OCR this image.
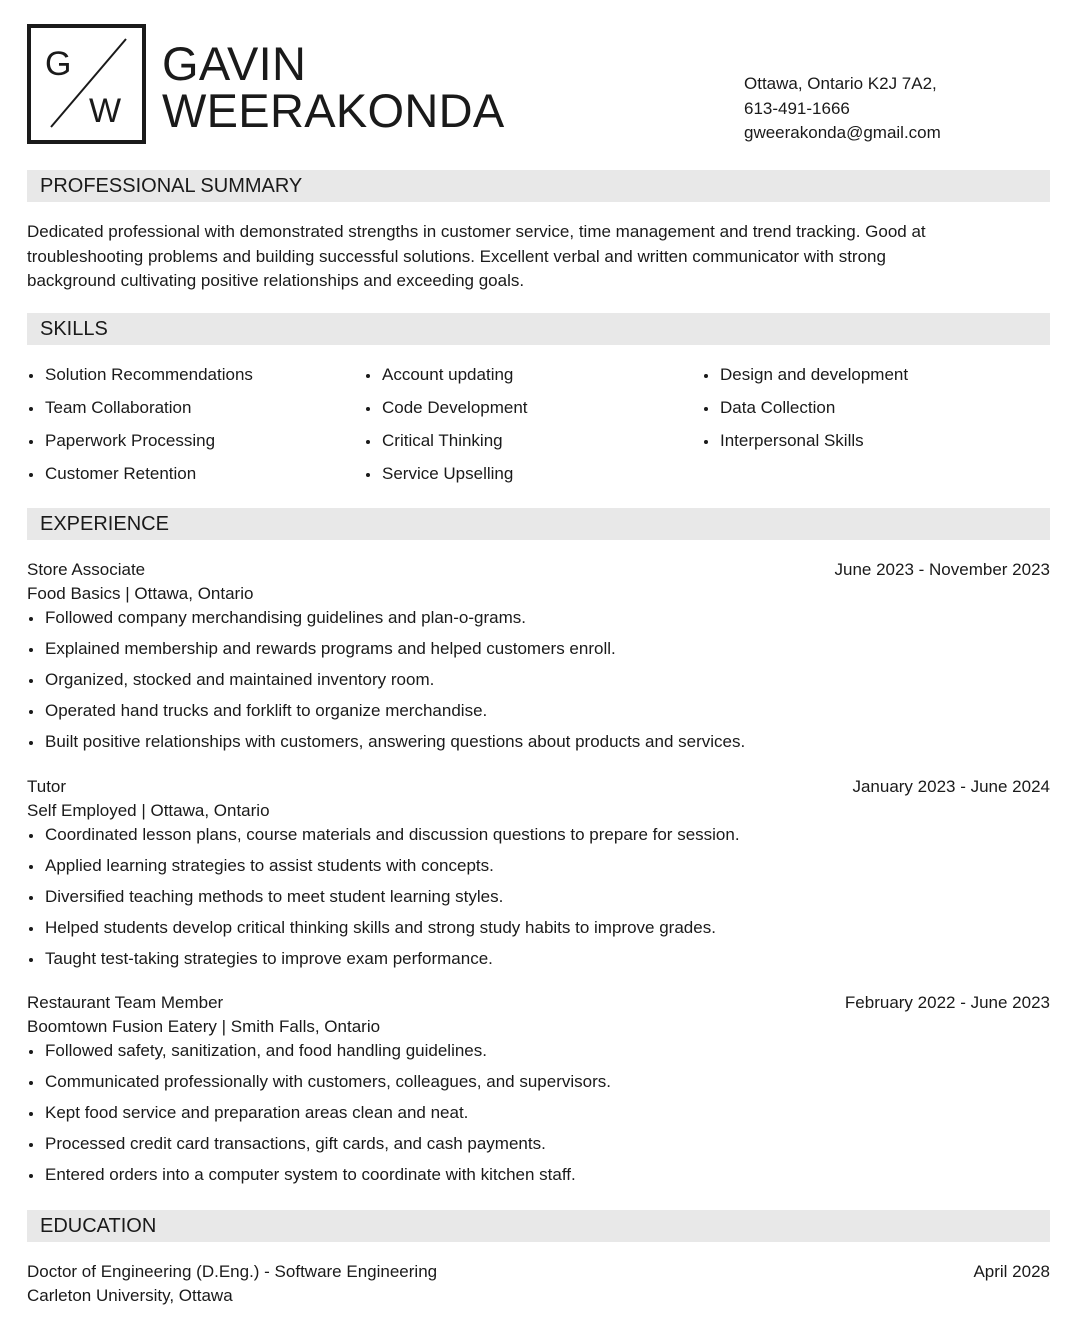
G
W
GAVIN
WEERAKONDA
Ottawa, Ontario K2J 7A2,
613-491-1666
gweerakonda@gmail.com
PROFESSIONAL SUMMARY
Dedicated professional with demonstrated strengths in customer service, time management and trend tracking. Good at
troubleshooting problems and building successful solutions. Excellent verbal and written communicator with strong
background cultivating positive relationships and exceeding goals.
SKILLS
Solution Recommendations
Team Collaboration
Paperwork Processing
Customer Retention
Account updating
Code Development
Critical Thinking
Service Upselling
Design and development
Data Collection
Interpersonal Skills
EXPERIENCE
Store Associate	June 2023 - November 2023
Food Basics | Ottawa, Ontario
Followed company merchandising guidelines and plan-o-grams.
Explained membership and rewards programs and helped customers enroll.
Organized, stocked and maintained inventory room.
Operated hand trucks and forklift to organize merchandise.
Built positive relationships with customers, answering questions about products and services.
Tutor	January 2023 - June 2024
Self Employed | Ottawa, Ontario
Coordinated lesson plans, course materials and discussion questions to prepare for session.
Applied learning strategies to assist students with concepts.
Diversified teaching methods to meet student learning styles.
Helped students develop critical thinking skills and strong study habits to improve grades.
Taught test-taking strategies to improve exam performance.
Restaurant Team Member	February 2022 - June 2023
Boomtown Fusion Eatery | Smith Falls, Ontario
Followed safety, sanitization, and food handling guidelines.
Communicated professionally with customers, colleagues, and supervisors.
Kept food service and preparation areas clean and neat.
Processed credit card transactions, gift cards, and cash payments.
Entered orders into a computer system to coordinate with kitchen staff.
EDUCATION
Doctor of Engineering (D.Eng.) - Software Engineering	April 2028
Carleton University, Ottawa
